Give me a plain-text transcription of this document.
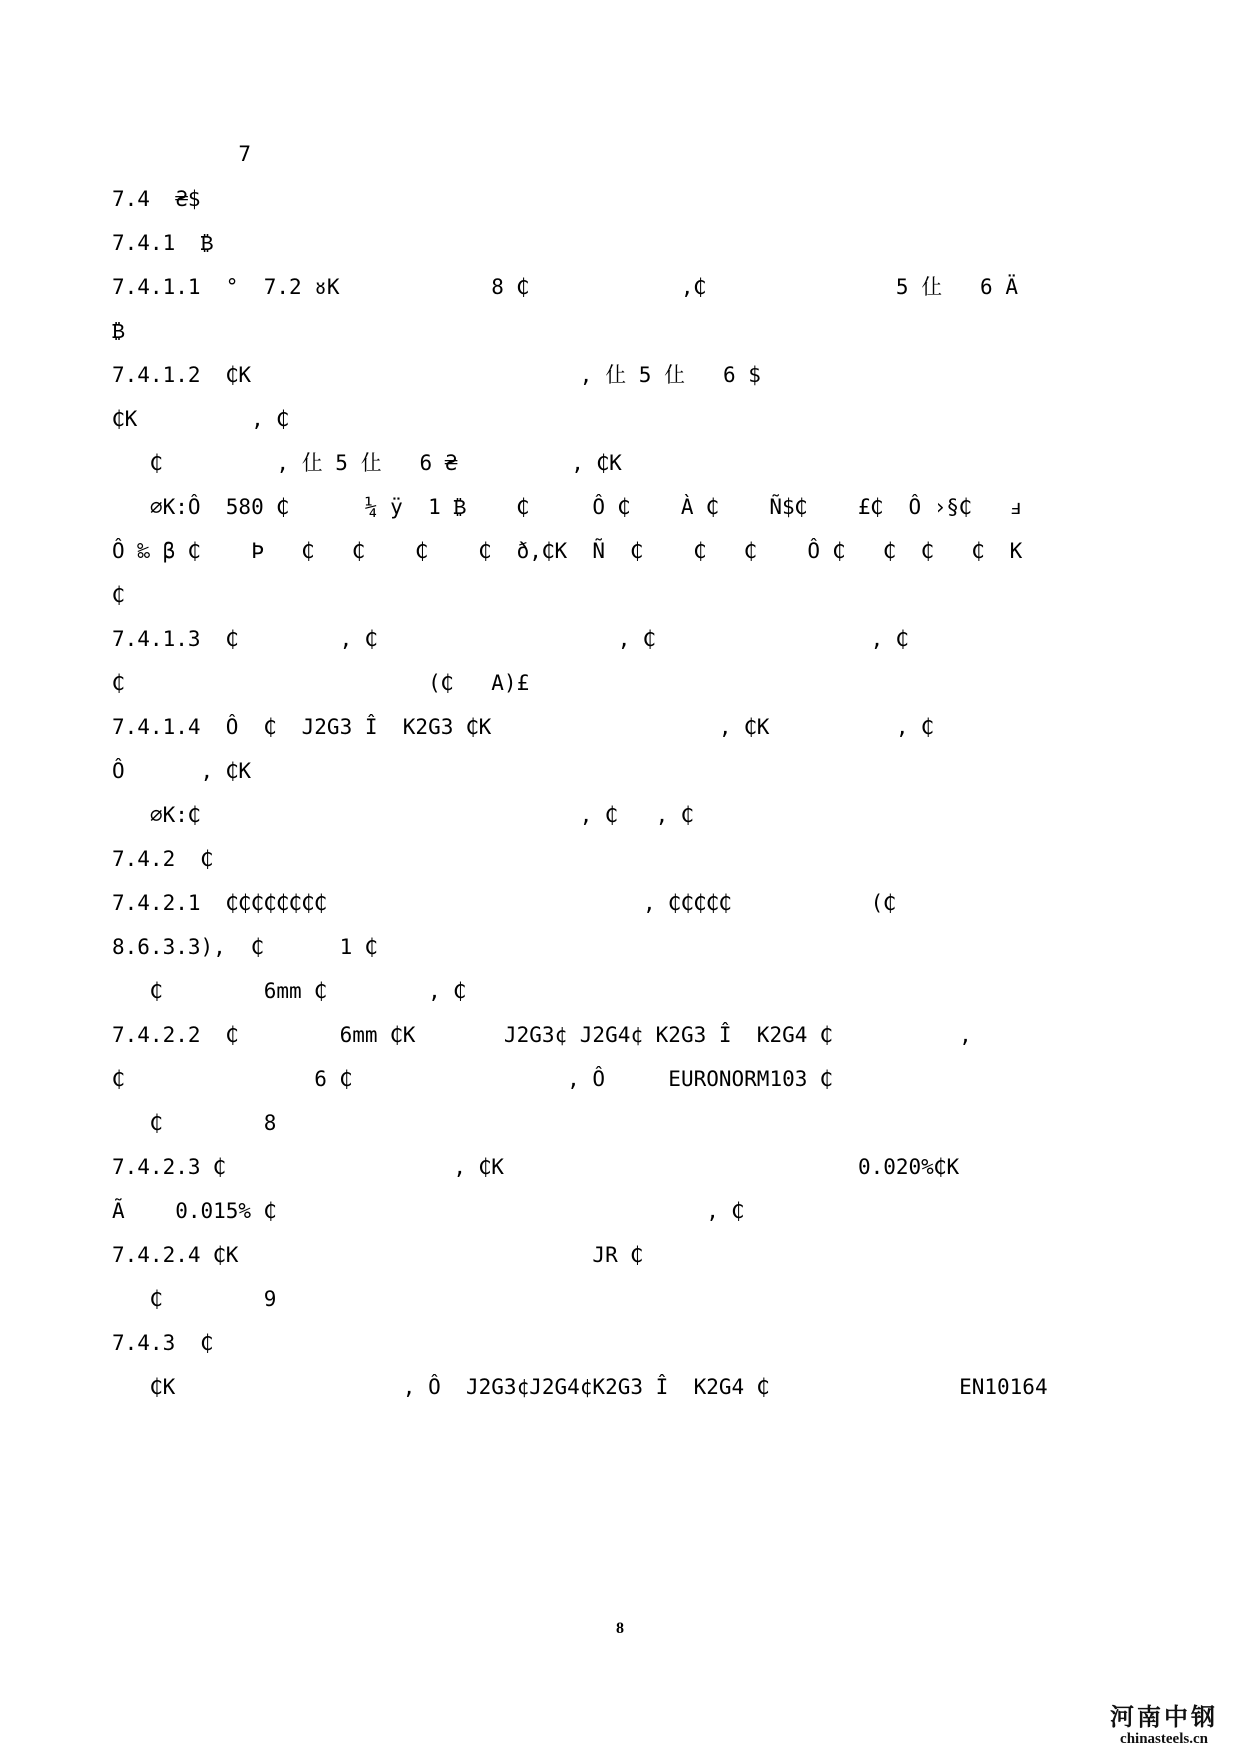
7
7.4  ₴$
7.4.1  ₿
7.4.1.1  °  7.2 ᴕK            8 ₵            ,₵               5 仩   6 Ä
₿
7.4.1.2  ₵K                          , 仩 5 仩   6 $
₵K         , ₵
₵         , 仩 5 仩   6 ₴         , ₵K
⌀K:Ô  580 ₵      ¼ ÿ  1 ₿    ₵     Ô ₵    À ₵    Ñ$₵    £₵  Ô ›§₵   ⅎ
Ô ‰ β ₵    Þ   ₵   ₵    ₵    ₵  ð,₵K  Ñ  ₵    ₵   ₵    Ô ₵   ₵  ₵   ₵  K
₵
7.4.1.3  ₵        , ₵                   , ₵                 , ₵
₵                        (₵   A)£
7.4.1.4  Ô  ₵  J2G3 Î  K2G3 ₵K                  , ₵K          , ₵
Ô      , ₵K
⌀K:₵                              , ₵   , ₵
7.4.2  ₵
7.4.2.1  ₵₵₵₵₵₵₵₵                         , ₵₵₵₵₵           (₵
8.6.3.3),  ₵      1 ₵
₵        6mm ₵        , ₵
7.4.2.2  ₵        6mm ₵K       J2G3¢ J2G4¢ K2G3 Î  K2G4 ₵          ,
₵               6 ₵                 , Ô     EURONORM103 ₵
₵        8
7.4.2.3 ₵                  , ₵K                            0.020%₵K
Ã    0.015% ₵                                  , ₵
7.4.2.4 ₵K                            JR ₵
₵        9
7.4.3  ₵
₵K                  , Ô  J2G3¢J2G4¢K2G3 Î  K2G4 ₵               EN10164
8
河南中钢
chinasteels.cn
